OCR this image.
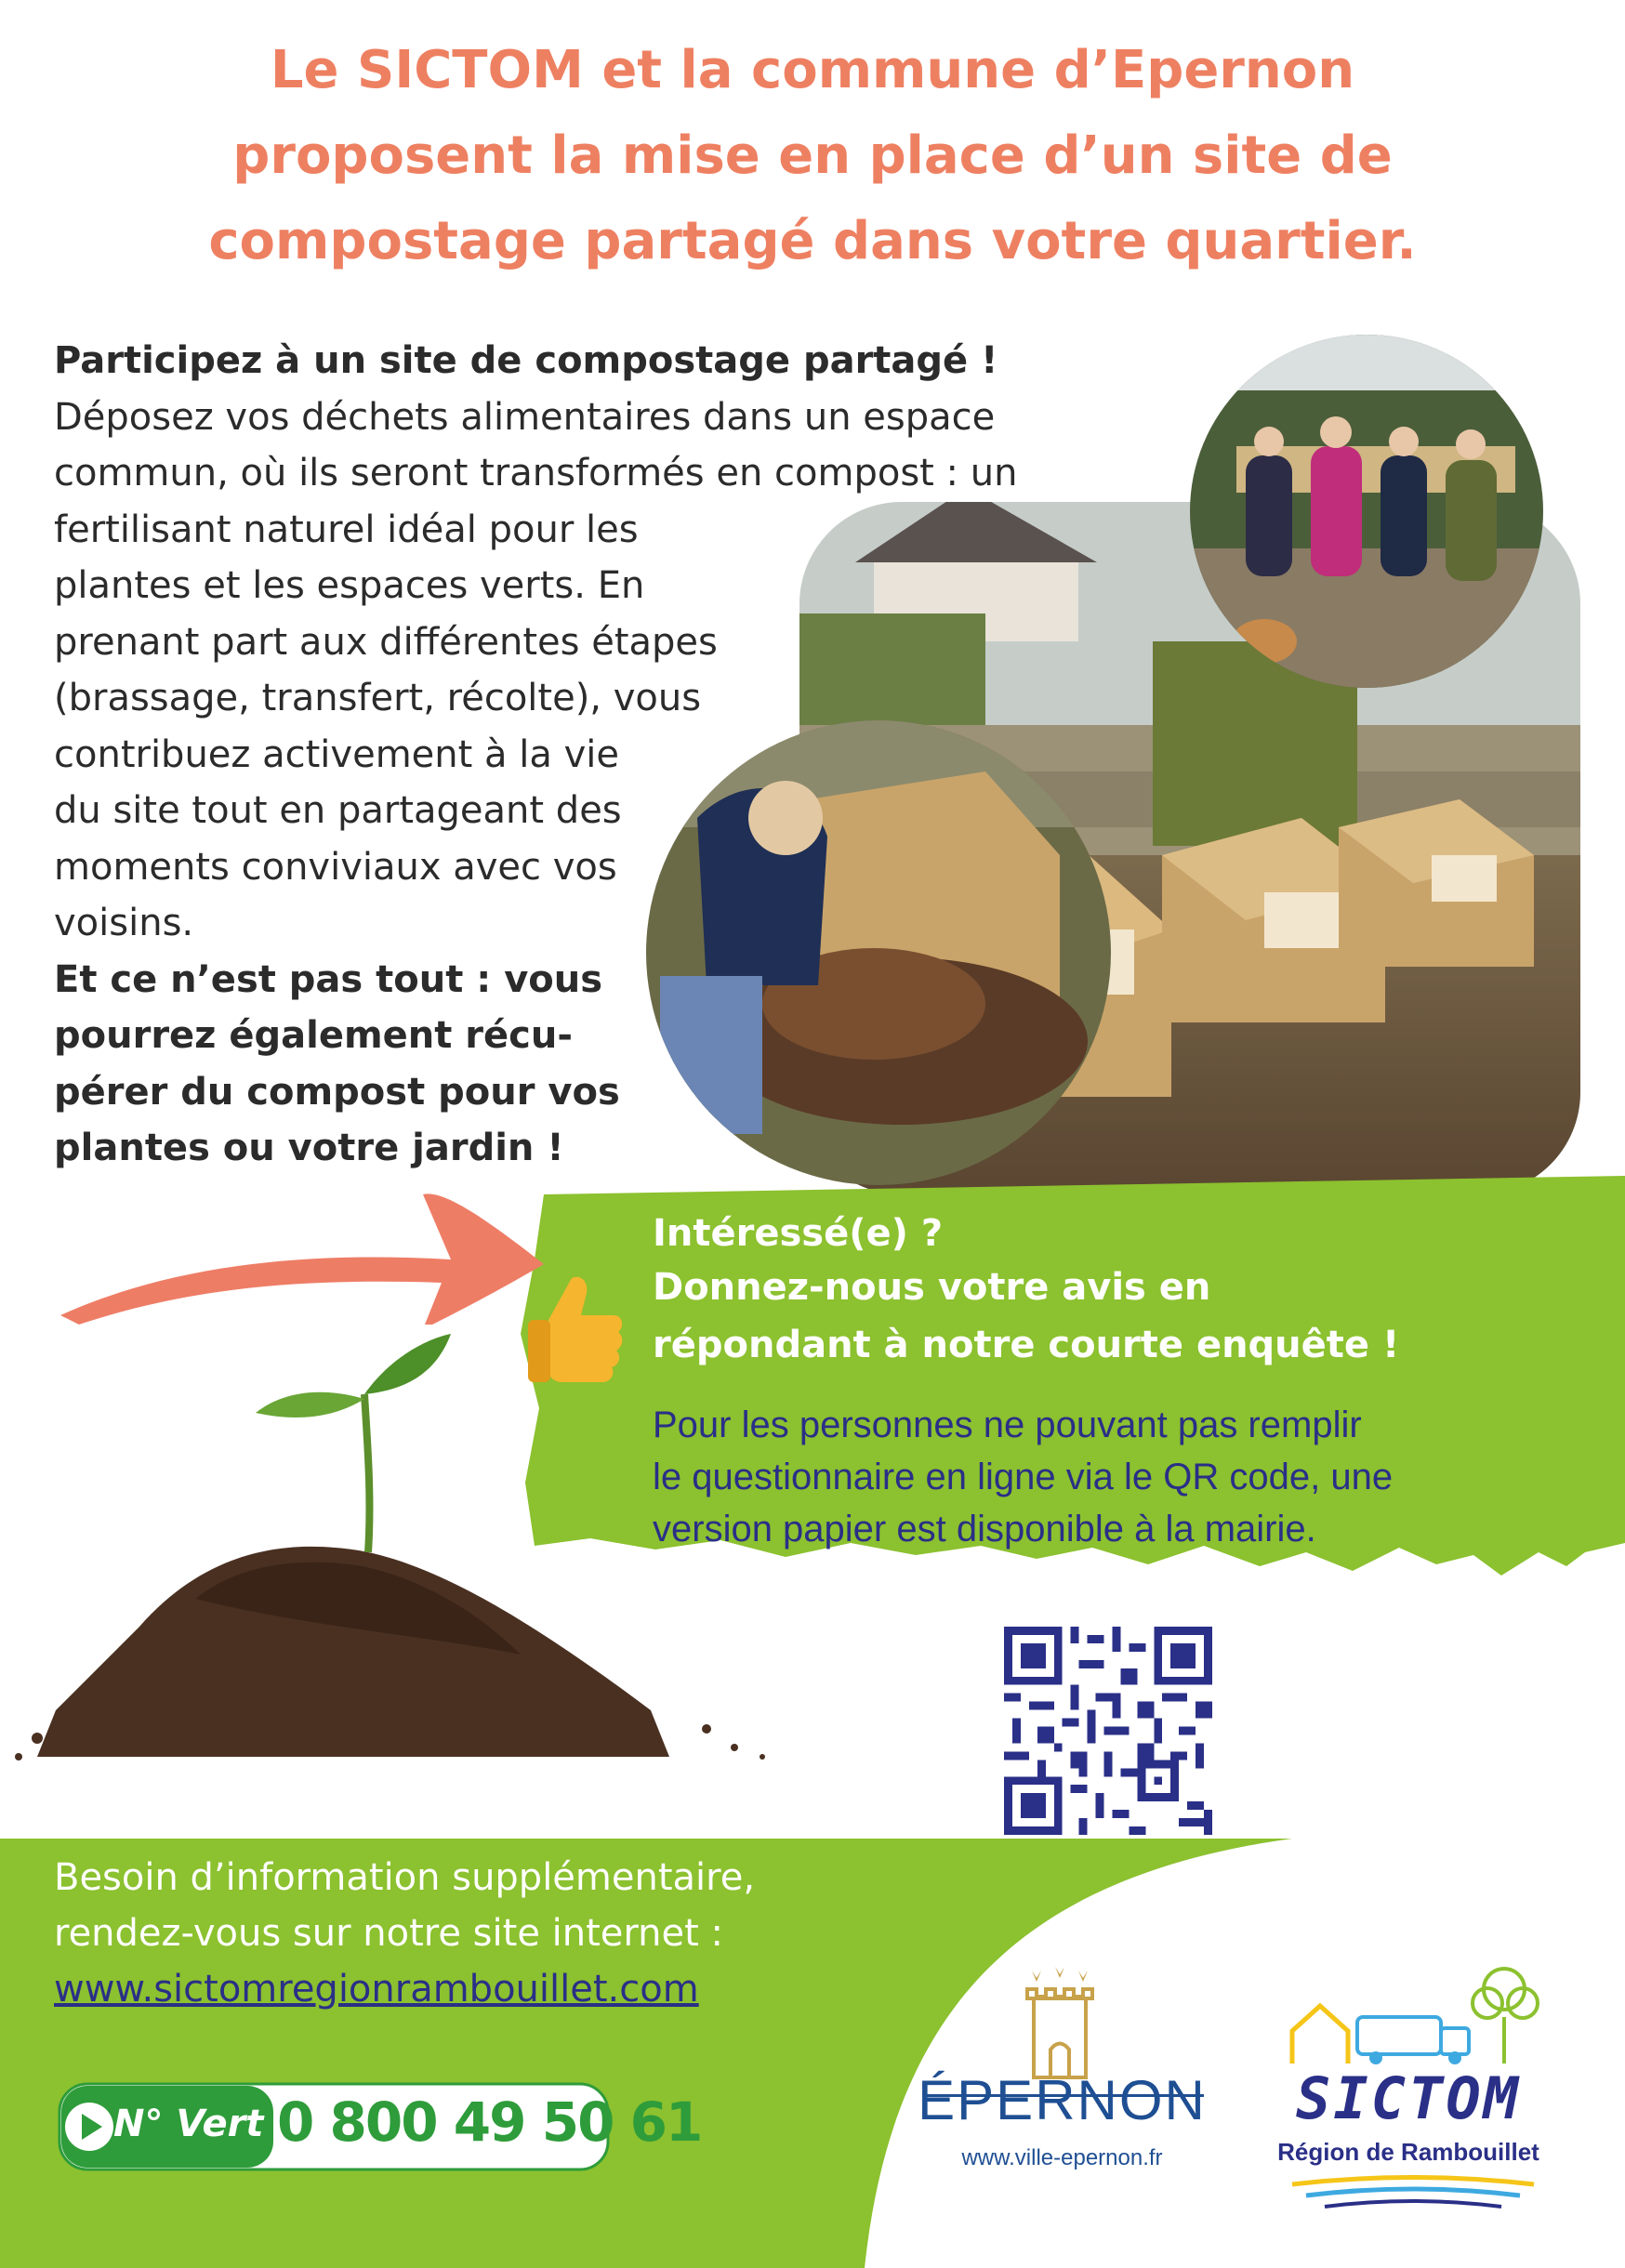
Le SICTOM et la commune d’Epernon
proposent la mise en place d’un site de
compostage partagé dans votre quartier.
Participez à un site de compostage partagé !
Déposez vos déchets alimentaires dans un espace
commun, où ils seront transformés en compost : un
fertilisant naturel idéal pour les
plantes et les espaces verts. En
prenant part aux différentes étapes
(brassage, transfert, récolte), vous
contribuez activement à la vie
du site tout en partageant des
moments conviviaux avec vos
voisins.
Et ce n’est pas tout : vous
pourrez également récu-
pérer du compost pour vos
plantes ou votre jardin !
Intéressé(e) ?
Donnez-nous votre avis en
répondant à notre courte enquête !
Pour les personnes ne pouvant pas remplir
le questionnaire en ligne via le QR code, une
version papier est disponible à la mairie.
Besoin d’information supplémentaire,
rendez-vous sur notre site internet :
www.sictomregionrambouillet.com
N° Vert 0 800 49 50 61	ÉPERNON
www.ville-epernon.fr
SICTOM
Région de Rambouillet
